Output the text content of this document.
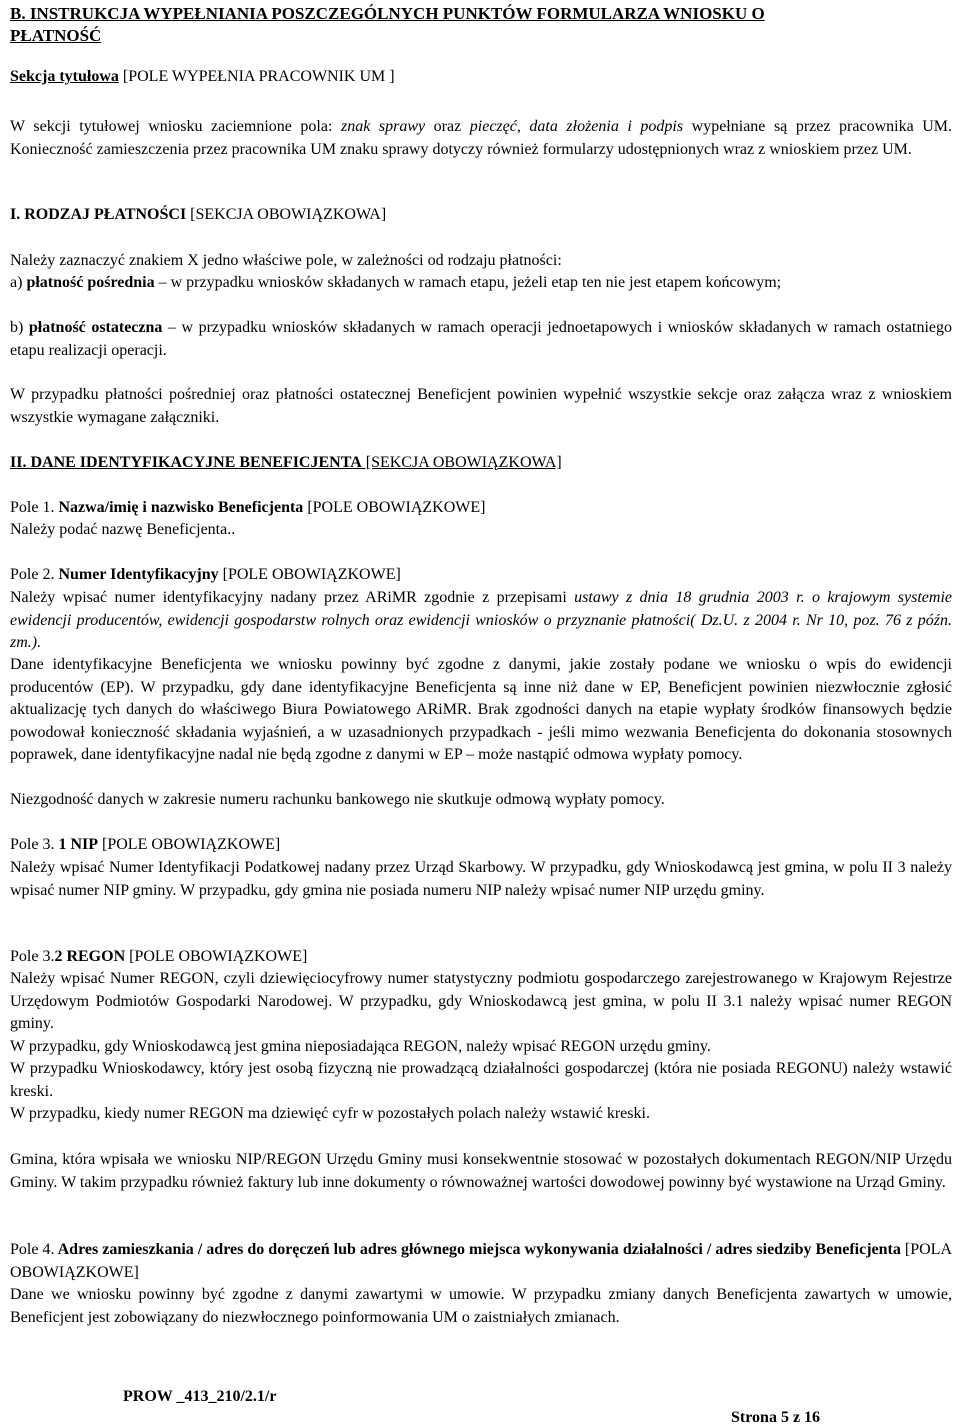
B. INSTRUKCJA WYPEŁNIANIA POSZCZEGÓLNYCH PUNKTÓW FORMULARZA WNIOSKU O
PŁATNOŚĆ

Sekcja tytułowa [POLE WYPEŁNIA PRACOWNIK UM ]

W sekcji tytułowej wniosku zaciemnione pola: znak sprawy oraz pieczęć, data złożenia i podpis wypełniane są przez pracownika UM. Konieczność zamieszczenia przez pracownika UM znaku sprawy dotyczy również formularzy udostępnionych wraz z wnioskiem przez UM.

I. RODZAJ PŁATNOŚCI [SEKCJA OBOWIĄZKOWA]

Należy zaznaczyć znakiem X jedno właściwe pole, w zależności od rodzaju płatności:

a) płatność pośrednia – w przypadku wniosków składanych w ramach etapu, jeżeli etap ten nie jest etapem końcowym;

b) płatność ostateczna – w przypadku wniosków składanych w ramach operacji jednoetapowych i wniosków składanych w ramach ostatniego etapu realizacji operacji.

W przypadku płatności pośredniej oraz płatności ostatecznej Beneficjent powinien wypełnić wszystkie sekcje oraz załącza wraz z wnioskiem wszystkie wymagane załączniki.

II. DANE IDENTYFIKACYJNE BENEFICJENTA [SEKCJA OBOWIĄZKOWA]

Pole 1. Nazwa/imię i nazwisko Beneficjenta [POLE OBOWIĄZKOWE]

Należy podać nazwę Beneficjenta..

Pole 2. Numer Identyfikacyjny [POLE OBOWIĄZKOWE]

Należy wpisać numer identyfikacyjny nadany przez ARiMR zgodnie z przepisami ustawy z dnia 18 grudnia 2003 r. o krajowym systemie ewidencji producentów, ewidencji gospodarstw rolnych oraz ewidencji wniosków o przyznanie płatności( Dz.U. z 2004 r. Nr 10, poz. 76 z późn. zm.).

Dane identyfikacyjne Beneficjenta we wniosku powinny być zgodne z danymi, jakie zostały podane we wniosku o wpis do ewidencji producentów (EP). W przypadku, gdy dane identyfikacyjne Beneficjenta są inne niż dane w EP, Beneficjent powinien niezwłocznie zgłosić aktualizację tych danych do właściwego Biura Powiatowego ARiMR. Brak zgodności danych na etapie wypłaty środków finansowych będzie powodował konieczność składania wyjaśnień, a w uzasadnionych przypadkach - jeśli mimo wezwania Beneficjenta do dokonania stosownych poprawek, dane identyfikacyjne nadal nie będą zgodne z danymi w EP – może nastąpić odmowa wypłaty pomocy.

Niezgodność danych w zakresie numeru rachunku bankowego nie skutkuje odmową wypłaty pomocy.

Pole 3. 1 NIP [POLE OBOWIĄZKOWE]

Należy wpisać Numer Identyfikacji Podatkowej nadany przez Urząd Skarbowy. W przypadku, gdy Wnioskodawcą jest gmina, w polu II 3 należy wpisać numer NIP gminy. W przypadku, gdy gmina nie posiada numeru NIP należy wpisać numer NIP urzędu gminy.

Pole 3.2 REGON [POLE OBOWIĄZKOWE]

Należy wpisać Numer REGON, czyli dziewięciocyfrowy numer statystyczny podmiotu gospodarczego zarejestrowanego w Krajowym Rejestrze Urzędowym Podmiotów Gospodarki Narodowej. W przypadku, gdy Wnioskodawcą jest gmina, w polu II 3.1 należy wpisać numer REGON gminy.

W przypadku, gdy Wnioskodawcą jest gmina nieposiadająca REGON, należy wpisać REGON urzędu gminy.

W przypadku Wnioskodawcy, który jest osobą fizyczną nie prowadzącą działalności gospodarczej (która nie posiada REGONU) należy wstawić kreski.

W przypadku, kiedy numer REGON ma dziewięć cyfr w pozostałych polach należy wstawić kreski.

Gmina, która wpisała we wniosku NIP/REGON Urzędu Gminy musi konsekwentnie stosować w pozostałych dokumentach REGON/NIP Urzędu Gminy. W takim przypadku również faktury lub inne dokumenty o równoważnej wartości dowodowej powinny być wystawione na Urząd Gminy.

Pole 4. Adres zamieszkania / adres do doręczeń lub adres głównego miejsca wykonywania działalności / adres siedziby Beneficjenta [POLA OBOWIĄZKOWE]

Dane we wniosku powinny być zgodne z danymi zawartymi w umowie. W przypadku zmiany danych Beneficjenta zawartych w umowie, Beneficjent jest zobowiązany do niezwłocznego poinformowania UM o zaistniałych zmianach.

PROW _413_210/2.1/r

Strona 5 z 16
